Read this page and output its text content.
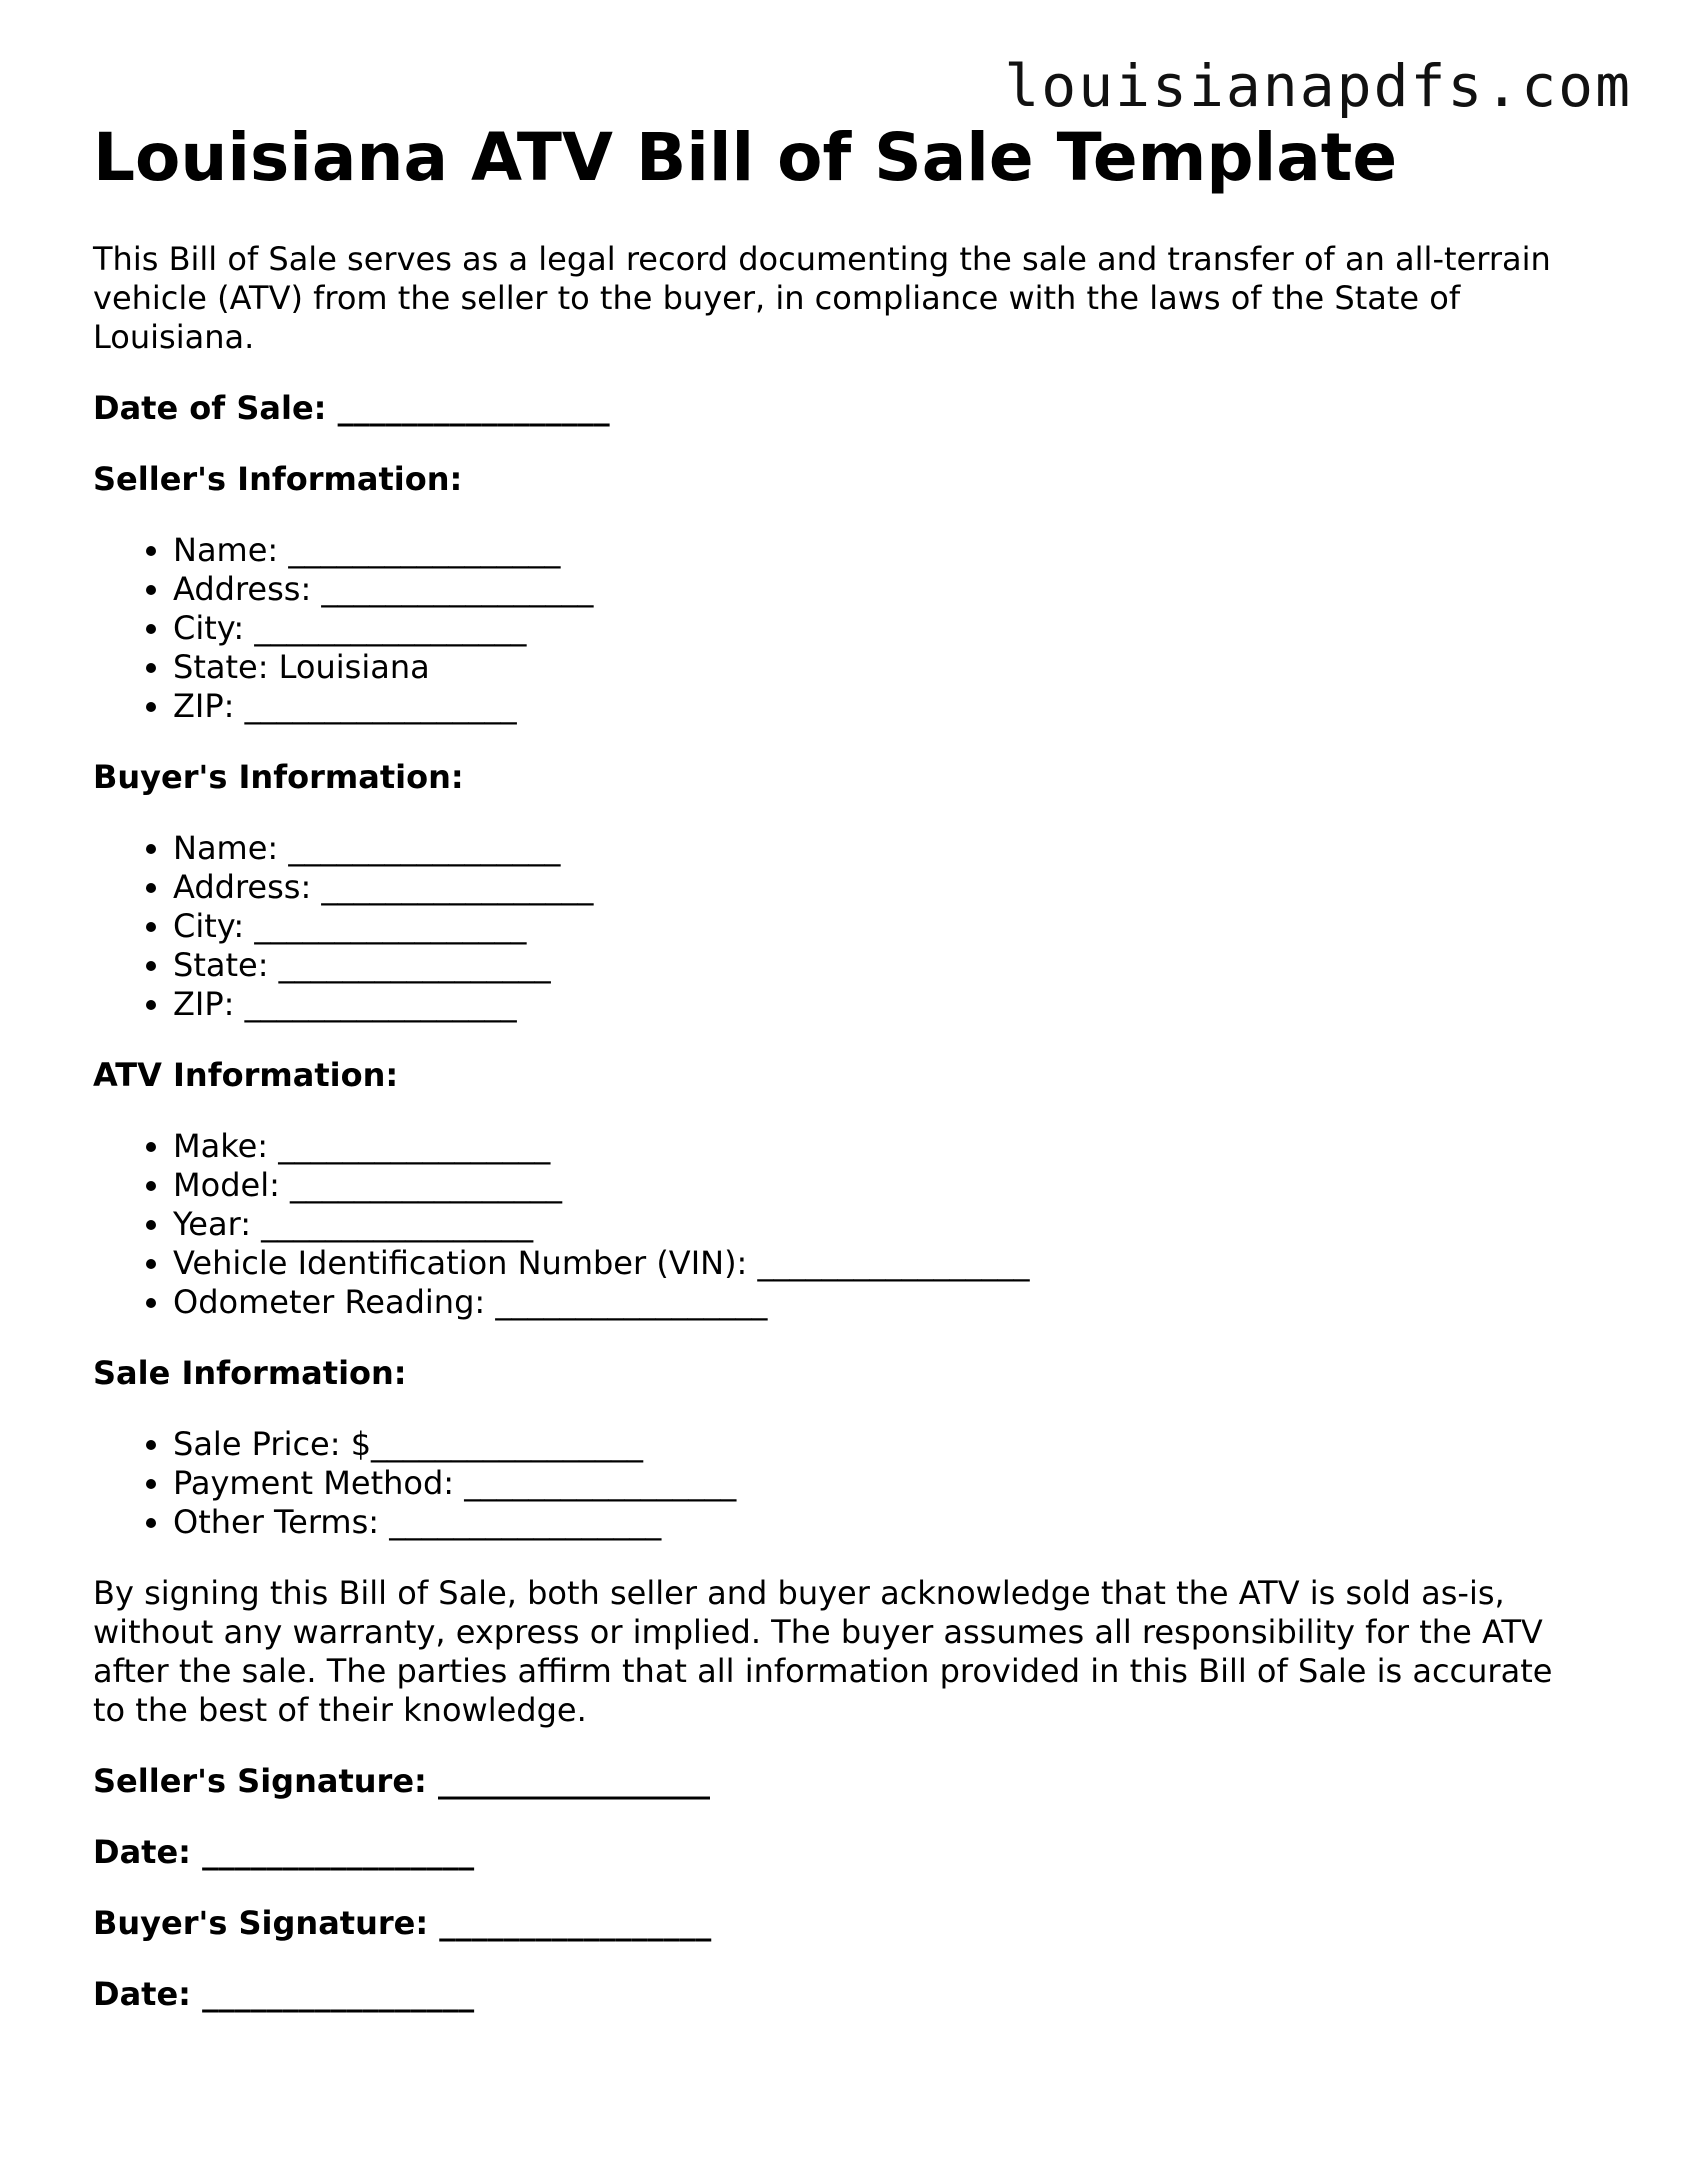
louisianapdfs.com
Louisiana ATV Bill of Sale Template

This Bill of Sale serves as a legal record documenting the sale and transfer of an all-terrain vehicle (ATV) from the seller to the buyer, in compliance with the laws of the State of Louisiana.

Date of Sale: _________________

Seller's Information:

• Name: _________________
• Address: _________________
• City: _________________
• State: Louisiana
• ZIP: _________________

Buyer's Information:

• Name: _________________
• Address: _________________
• City: _________________
• State: _________________
• ZIP: _________________

ATV Information:

• Make: _________________
• Model: _________________
• Year: _________________
• Vehicle Identification Number (VIN): _________________
• Odometer Reading: _________________

Sale Information:

• Sale Price: $_________________
• Payment Method: _________________
• Other Terms: _________________

By signing this Bill of Sale, both seller and buyer acknowledge that the ATV is sold as-is, without any warranty, express or implied. The buyer assumes all responsibility for the ATV after the sale. The parties affirm that all information provided in this Bill of Sale is accurate to the best of their knowledge.

Seller's Signature: _________________

Date: _________________

Buyer's Signature: _________________

Date: _________________
